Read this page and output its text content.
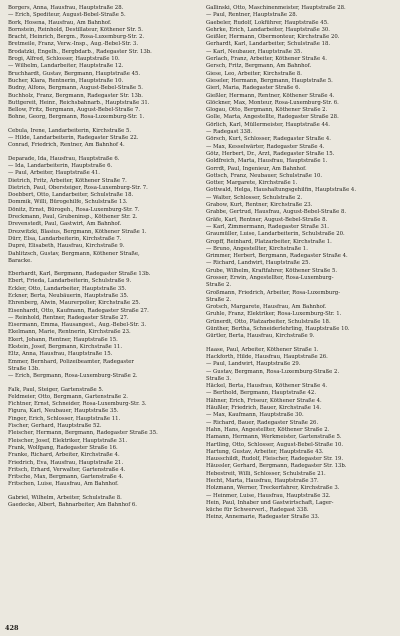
Borgers, Anna, Hausfrau, Hauptstraße 28.
— Erich, Spediteur, August-Bebel-Straße 5.
Bork, Hosena, Hausfrau, Am Bahnhof.
Bornstein, Reinhold, Destillateur, Köthener Str. 5.
Bracht, Heinrich, Bergm., Rosa-Luxemburg-Str. 2.
Bretmeile, Franz, Verw.-Insp., Aug.-Bebel-Str. 3.
Brodatzki, Engelh., Bergbdarb., Radegaster Str. 13b.
Brogi, Alfred, Schlosser, Hauptstraße 10.
— Wilhelm, Landarbeiter, Hauptstraße 12.
Bruchhardt, Gustav, Bergmann, Hauptstraße 45.
Bucher, Klara, Rentnerin, Hauptstraße 10.
Budny, Alfons, Bergmann, August-Bebel-Straße 5.
Buchholz, Franz, Bergmann, Radegaster Str. 13b.
Buttgereit, Heinr., Reichsbahnarb., Hauptstraße 31.
Bellow, Fritz, Bergmann, August-Bebel-Straße 7.
Bohne, Georg, Bergmann, Rosa-Luxemburg-Str. 1.
Cebula, Irene, Landarbeiterin, Kirchstraße 5.
— Hilde, Landarbeiterin, Radegaster Straße 22.
Conrad, Friedrich, Rentner, Am Bahnhof 4.
Deparade, Ida, Hausfrau, Hauptstraße 6.
— Ida, Landarbeiterin, Hauptstraße 6.
— Paul, Arbeiter, Hauptstraße 41.
Dietrich, Fritz, Arbeiter, Köthener Straße 7.
Dietrich, Paul, Obersteiger, Rosa-Luxemburg-Str. 7.
Doebbert, Otto, Landarbeiter, Schulstraße 18.
Dommik, Willi, Bürogehilfe, Schulstraße 13.
Dönitz, Ernst, Bürogeh., Rosa-Luxemburg-Str. 7.
Dreckmann, Paul, Grubeninsp., Köthener Str. 2.
Drevenstedt, Paul, Gastwirt, Am Bahnhof.
Drezwitzki, Blasius, Bergmann, Köthener Straße 1.
Dürr, Elsa, Landarbeiterin, Kirchstraße 7.
Dupré, Elisabeth, Hausfrau, Kirchstraße 9.
Dahlitzsch, Gustav, Bergmann, Köthener Straße,
Baracke.
Eberhardt, Karl, Bergmann, Radegaster Straße 13b.
Ebert, Frieda, Landarbeiterin, Schulstraße 9.
Eckler, Otto, Landarbeiter, Hauptstraße 35.
Eckner, Berta, Neubäuerin, Hauptstraße 35.
Ehrenberg, Alwin, Maurerpolier, Kirchstraße 25.
Eisenhardt, Otto, Kaufmann, Radegaster Straße 27.
— Reinhold, Rentner, Radegaster Straße 27.
Eisermann, Emma, Hausangest., Aug.-Bebel-Str. 3.
Ekelmann, Marie, Rentnerin, Kirchstraße 23.
Ekert, Johann, Rentner, Hauptstraße 15.
Ekstein, Josef, Bergmann, Kirchstraße 11.
Eltz, Anna, Hausfrau, Hauptstraße 15.
Emmer, Bernhard, Polizeibeamter, Radegaster
Straße 13b.
— Erich, Bergmann, Rosa-Luxemburg-Straße 2.
Falk, Paul, Steiger, Gartenstraße 5.
Feldmeier, Otto, Bergmann, Gartenstraße 2.
Fichtner, Ernst, Schneider, Rosa-Luxemburg-Str. 3.
Figura, Karl, Neubauer, Hauptstraße 35.
Finger, Erich, Schlosser, Hauptstraße 11.
Fischer, Gerhard, Hauptstraße 52.
Fleischer, Hermann, Bergmann, Radegaster Straße 35.
Fleischer, Josef, Elektriker, Hauptstraße 31.
Frank, Wolfgang, Radegaster Straße 16.
Franke, Richard, Arbeiter, Kirchstraße 4.
Friedrich, Eva, Hausfrau, Hauptstraße 21.
Fritsch, Erhard, Verwalter, Gartenstraße 4.
Fritsche, Max, Bergmann, Gartenstraße 4.
Fritschen, Luise, Hausfrau, Am Bahnhof.
Gabriel, Wilhelm, Arbeiter, Schulstraße 8.
Gaedecke, Albert, Bahnarbeiter, Am Bahnhof 6.
Gallinski, Otto, Maschinenmeister, Hauptstraße 28.
— Paul, Rentner, Hauptstraße 28.
Gaebeler, Rudolf, Lokführer, Hauptstraße 45.
Gehrke, Erich, Landarbeiter, Hauptstraße 30.
Geißler, Hermann, Obermonteur, Kirchstraße 20.
Gerhardt, Karl, Landarbeiter, Schulstraße 18.
— Karl, Neubauer, Hauptstraße 35.
Gerlach, Franz, Arbeiter, Köthener Straße 4.
Gersch, Fritz, Bergmann, Am Bahnhof.
Giese, Leo, Arbeiter, Kirchstraße 8.
Gieseler, Hermann, Bergmann, Hauptstraße 5.
Gierl, Maria, Radegaster Straße 6.
Gießler, Hermann, Rentner, Köthener Straße 4.
Glöckner, Max, Monteur, Rosa-Luxemburg-Str. 6.
Glogau, Otto, Bergmann, Köthener Straße 2.
Golle, Marta, Angestellte, Radegaster Straße 28.
Görlich, Karl, Müllermeister, Hauptstraße 44.
— Radegast 338.
Görsch, Kurt, Schlosser, Radegaster Straße 4.
— Max, Kesselwärter, Radegaster Straße 4.
Götz, Herbert, Dr., Arzt, Radegaster Straße 15.
Goldfreich, Marta, Hausfrau, Hauptstraße 1.
Gorrdt, Paul, Ingenieur, Am Bahnhof.
Gottsch, Franz, Neubauer, Schulstraße 10.
Gotter, Margarete, Kirchstraße 1.
Gottwald, Helga, Haushaltungsgehilfin, Hauptstraße 4.
— Walter, Schlosser, Schulstraße 2.
Grabow, Kurt, Rentner, Kirchstraße 23.
Grabbe, Gertrud, Hausfrau, August-Bebel-Straße 8.
Gräfe, Karl, Rentner, August-Bebel-Straße 8.
— Karl, Zimmermann, Radegaster Straße 31.
Graumüller, Luise, Landarbeiterin, Schulstraße 20.
Gropff, Reinhard, Platzarbeiter, Kirchstraße 1.
— Bruno, Angestellter, Kirchstraße 1.
Grimmer, Herbert, Bergmann, Radegaster Straße 4.
— Richard, Landwirt, Hauptstraße 25.
Grube, Wilhelm, Kraftfahrer, Köthener Straße 5.
Grosser, Erwin, Angestellter, Rosa-Luxemburg-
Straße 2.
Großmann, Friedrich, Arbeiter, Rosa-Luxemburg-
Straße 2.
Grotsch, Margarete, Hausfrau, Am Bahnhof.
Gruhle, Franz, Elektriker, Rosa-Luxemburg-Str. 1.
Grünerdt, Otto, Platzarbeiter, Schulstraße 18.
Günther, Bertha, Schneiderlehrling, Hauptstraße 10.
Gürtler, Berta, Hausfrau, Kirchstraße 9.
Haase, Paul, Arbeiter, Köthener Straße 1.
Hackforth, Hilde, Hausfrau, Hauptstraße 26.
— Paul, Landwirt, Hauptstraße 29.
— Gustav, Bergmann, Rosa-Luxemburg-Straße 2.
Straße 3.
Häckel, Berta, Hausfrau, Köthener Straße 4.
— Berthold, Bergmann, Hauptstraße 42.
Hähner, Erich, Friseur, Köthener Straße 4.
Häußler, Friedrich, Bauer, Kirchstraße 14.
— Max, Kaufmann, Hauptstraße 30.
— Richard, Bauer, Radegaster Straße 26.
Hahn, Hans, Angestellter, Köthener Straße 2.
Hamann, Hermann, Werkmeister, Gartenstraße 5.
Hartling, Otto, Schlosser, August-Bebel-Straße 10.
Hartung, Gustav, Arbeiter, Hauptstraße 43.
Hausschildt, Rudolf, Fleischer, Radegaster Str. 19.
Häussler, Gerhard, Bergmann, Radegaster Str. 13b.
Hebestreit, Willi, Schlosser, Schulstraße 21.
Hecht, Marta, Hausfrau, Hauptstraße 37.
Holzmann, Werner, Treckerfahrer, Kirchstraße 3.
— Heinmer, Luise, Hausfrau, Hauptstraße 32.
Hein, Paul, Inhaber und Gastwirtschaft, Lager-
küche für Schwerverl., Radegast 338.
Heinz, Annemarie, Radegaster Straße 33.
428
